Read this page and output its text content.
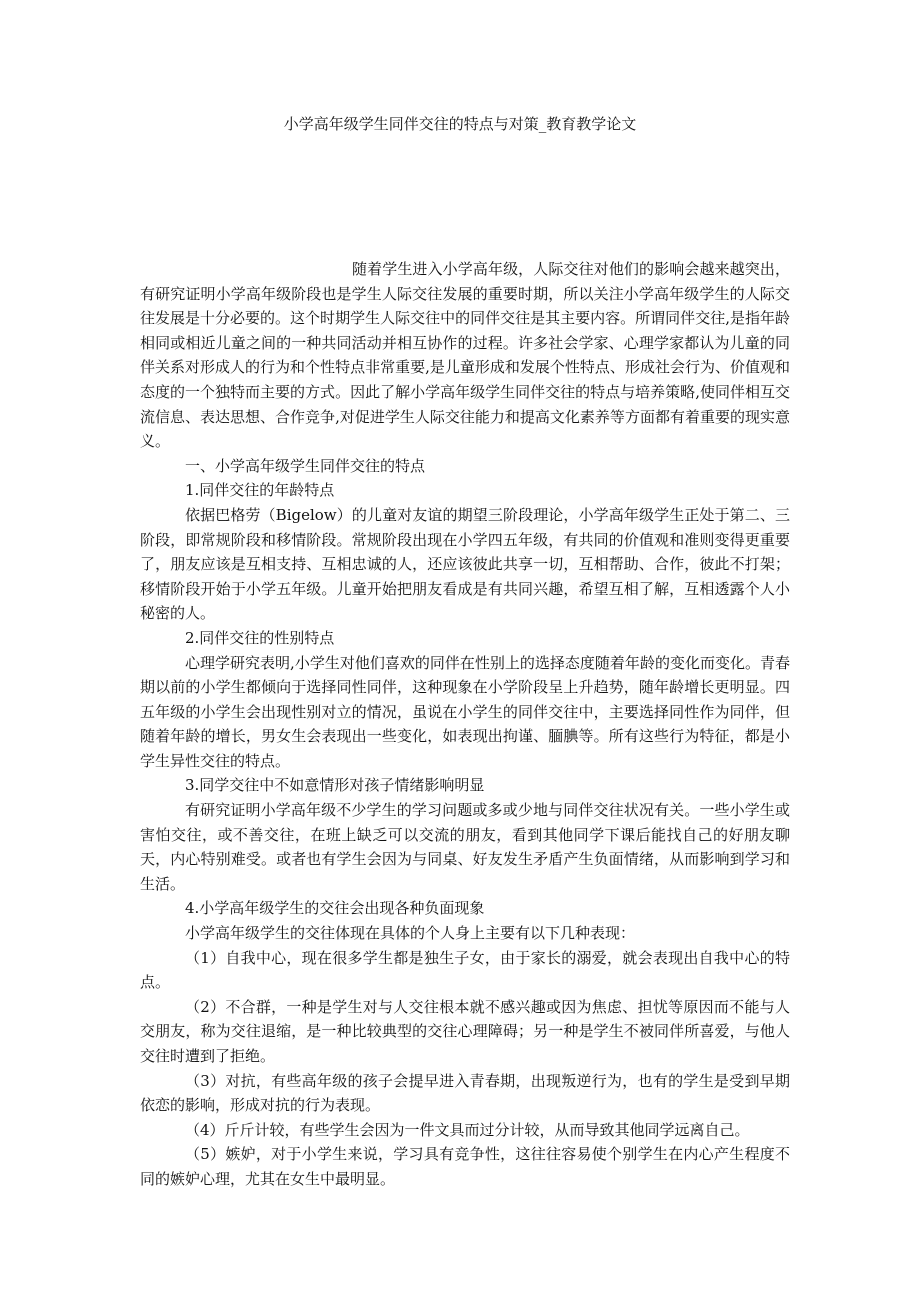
小学高年级学生同伴交往的特点与对策_教育教学论文

随着学生进入小学高年级，人际交往对他们的影响会越来越突出，有研究证明小学高年级阶段也是学生人际交往发展的重要时期，所以关注小学高年级学生的人际交往发展是十分必要的。这个时期学生人际交往中的同伴交往是其主要内容。所谓同伴交往,是指年龄相同或相近儿童之间的一种共同活动并相互协作的过程。许多社会学家、心理学家都认为儿童的同伴关系对形成人的行为和个性特点非常重要,是儿童形成和发展个性特点、形成社会行为、价值观和态度的一个独特而主要的方式。因此了解小学高年级学生同伴交往的特点与培养策略,使同伴相互交流信息、表达思想、合作竞争,对促进学生人际交往能力和提高文化素养等方面都有着重要的现实意义。

一、小学高年级学生同伴交往的特点

1.同伴交往的年龄特点

依据巴格劳（Bigelow）的儿童对友谊的期望三阶段理论，小学高年级学生正处于第二、三阶段，即常规阶段和移情阶段。常规阶段出现在小学四五年级，有共同的价值观和准则变得更重要了，朋友应该是互相支持、互相忠诚的人，还应该彼此共享一切，互相帮助、合作，彼此不打架；移情阶段开始于小学五年级。儿童开始把朋友看成是有共同兴趣，希望互相了解，互相透露个人小秘密的人。

2.同伴交往的性别特点

心理学研究表明,小学生对他们喜欢的同伴在性别上的选择态度随着年龄的变化而变化。青春期以前的小学生都倾向于选择同性同伴，这种现象在小学阶段呈上升趋势，随年龄增长更明显。四五年级的小学生会出现性别对立的情况，虽说在小学生的同伴交往中，主要选择同性作为同伴，但随着年龄的增长，男女生会表现出一些变化，如表现出拘谨、腼腆等。所有这些行为特征，都是小学生异性交往的特点。

3.同学交往中不如意情形对孩子情绪影响明显

有研究证明小学高年级不少学生的学习问题或多或少地与同伴交往状况有关。一些小学生或害怕交往，或不善交往，在班上缺乏可以交流的朋友，看到其他同学下课后能找自己的好朋友聊天，内心特别难受。或者也有学生会因为与同桌、好友发生矛盾产生负面情绪，从而影响到学习和生活。

4.小学高年级学生的交往会出现各种负面现象

小学高年级学生的交往体现在具体的个人身上主要有以下几种表现：

（1）自我中心，现在很多学生都是独生子女，由于家长的溺爱，就会表现出自我中心的特点。

（2）不合群，一种是学生对与人交往根本就不感兴趣或因为焦虑、担忧等原因而不能与人交朋友，称为交往退缩，是一种比较典型的交往心理障碍；另一种是学生不被同伴所喜爱，与他人交往时遭到了拒绝。

（3）对抗，有些高年级的孩子会提早进入青春期，出现叛逆行为，也有的学生是受到早期依恋的影响，形成对抗的行为表现。

（4）斤斤计较，有些学生会因为一件文具而过分计较，从而导致其他同学远离自己。

（5）嫉妒，对于小学生来说，学习具有竞争性，这往往容易使个别学生在内心产生程度不同的嫉妒心理，尤其在女生中最明显。
